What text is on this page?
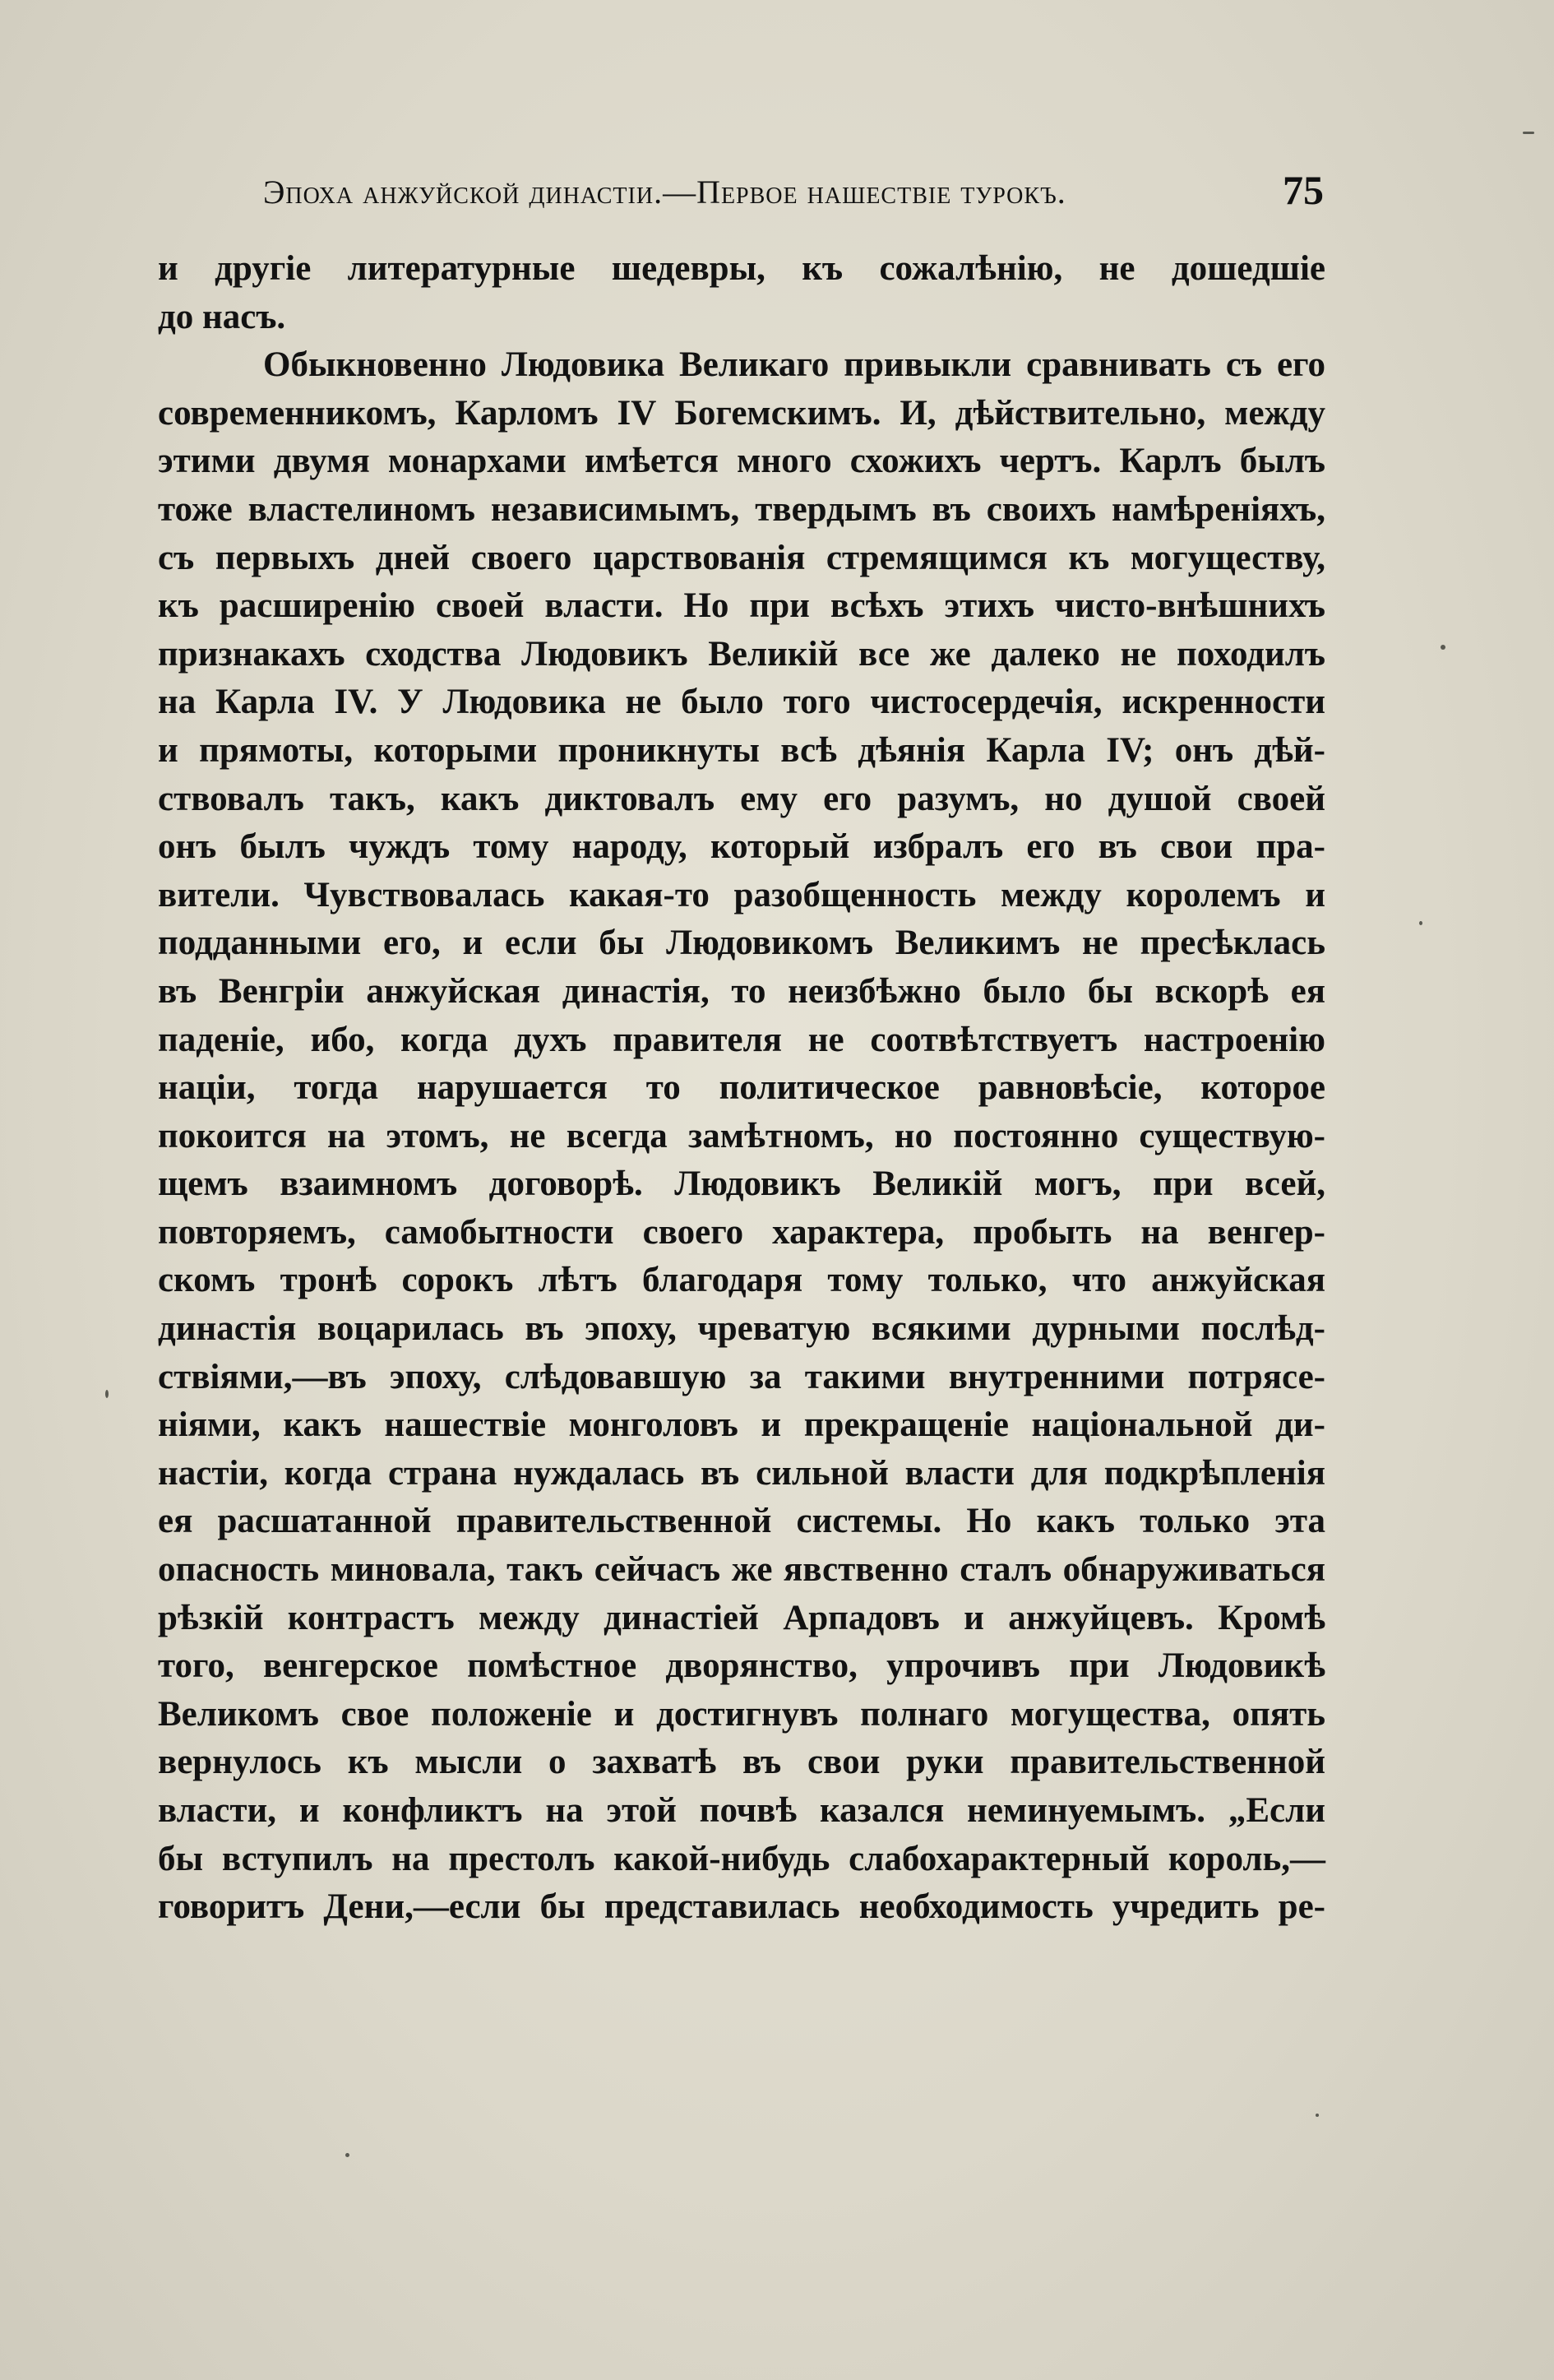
Эпоха анжуйской династіи.—Первое нашествіе турокъ.	75
и другіе литературные шедевры, къ сожалѣнію, не дошедшіе
до насъ.
Обыкновенно Людовика Великаго привыкли сравнивать съ его
современникомъ, Карломъ IV Богемскимъ. И, дѣйствительно, между
этими двумя монархами имѣется много схожихъ чертъ. Карлъ былъ
тоже властелиномъ независимымъ, твердымъ въ своихъ намѣреніяхъ,
съ первыхъ дней своего царствованія стремящимся къ могуществу,
къ расширенію своей власти. Но при всѣхъ этихъ чисто-внѣшнихъ
признакахъ сходства Людовикъ Великій все же далеко не походилъ
на Карла IV. У Людовика не было того чистосердечія, искренности
и прямоты, которыми проникнуты всѣ дѣянія Карла IV; онъ дѣй-
ствовалъ такъ, какъ диктовалъ ему его разумъ, но душой своей
онъ былъ чуждъ тому народу, который избралъ его въ свои пра-
вители. Чувствовалась какая-то разобщенность между королемъ и
подданными его, и если бы Людовикомъ Великимъ не пресѣклась
въ Венгріи анжуйская династія, то неизбѣжно было бы вскорѣ ея
паденіе, ибо, когда духъ правителя не соотвѣтствуетъ настроенію
націи, тогда нарушается то политическое равновѣсіе, которое
покоится на этомъ, не всегда замѣтномъ, но постоянно существую-
щемъ взаимномъ договорѣ. Людовикъ Великій могъ, при всей,
повторяемъ, самобытности своего характера, пробыть на венгер-
скомъ тронѣ сорокъ лѣтъ благодаря тому только, что анжуйская
династія воцарилась въ эпоху, чреватую всякими дурными послѣд-
ствіями,—въ эпоху, слѣдовавшую за такими внутренними потрясе-
ніями, какъ нашествіе монголовъ и прекращеніе національной ди-
настіи, когда страна нуждалась въ сильной власти для подкрѣпленія
ея расшатанной правительственной системы. Но какъ только эта
опасность миновала, такъ сейчасъ же явственно сталъ обнаруживаться
рѣзкій контрастъ между династіей Арпадовъ и анжуйцевъ. Кромѣ
того, венгерское помѣстное дворянство, упрочивъ при Людовикѣ
Великомъ свое положеніе и достигнувъ полнаго могущества, опять
вернулось къ мысли о захватѣ въ свои руки правительственной
власти, и конфликтъ на этой почвѣ казался неминуемымъ. „Если
бы вступилъ на престолъ какой-нибудь слабохарактерный король,—
говоритъ Дени,—если бы представилась необходимость учредить ре-
